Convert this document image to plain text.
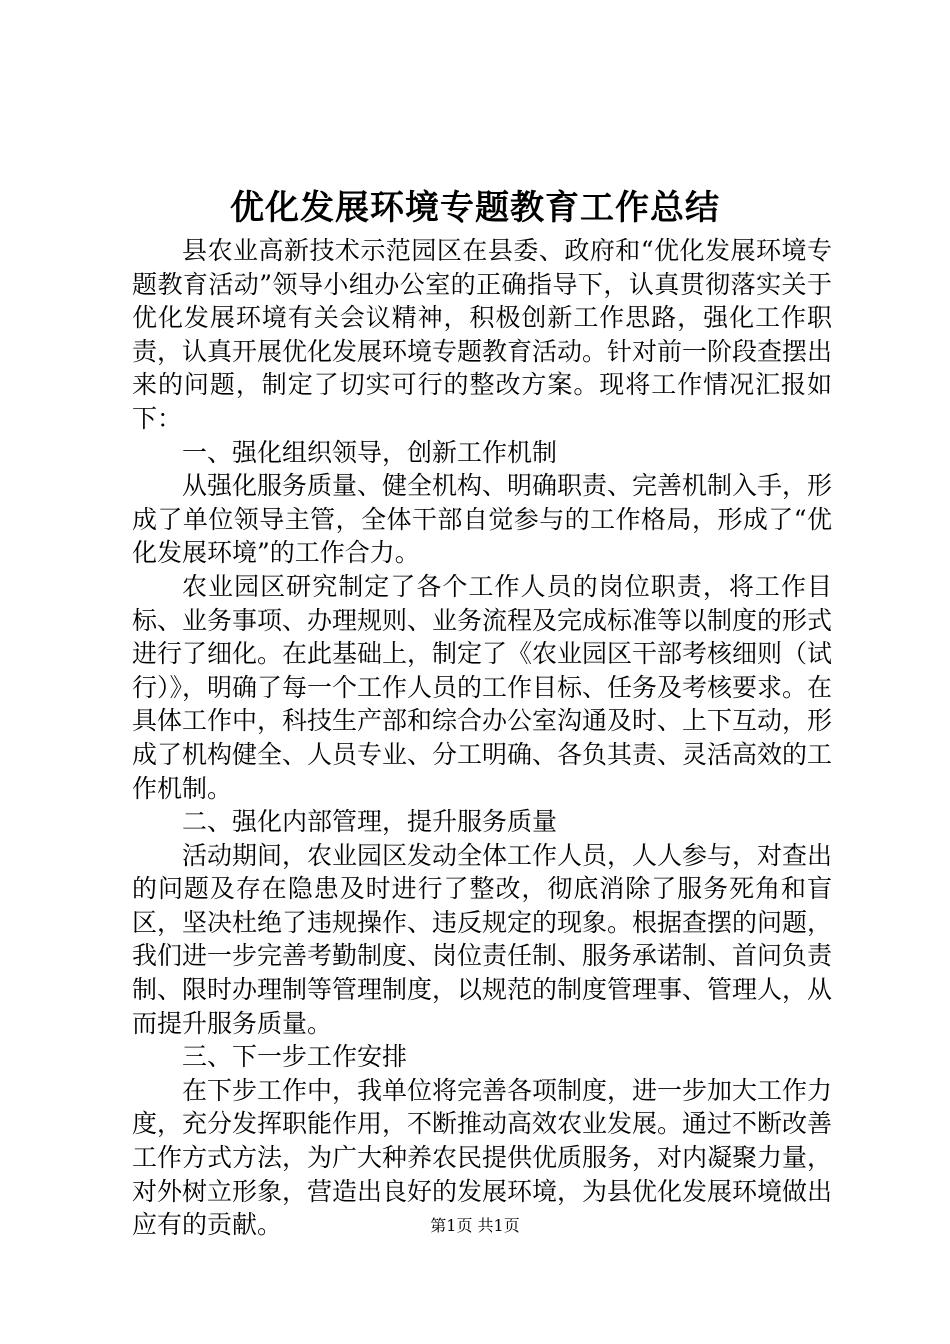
优化发展环境专题教育工作总结

县农业高新技术示范园区在县委、政府和“优化发展环境专题教育活动”领导小组办公室的正确指导下，认真贯彻落实关于优化发展环境有关会议精神，积极创新工作思路，强化工作职责，认真开展优化发展环境专题教育活动。针对前一阶段查摆出来的问题，制定了切实可行的整改方案。现将工作情况汇报如下：

一、强化组织领导，创新工作机制

从强化服务质量、健全机构、明确职责、完善机制入手，形成了单位领导主管，全体干部自觉参与的工作格局，形成了“优化发展环境”的工作合力。

农业园区研究制定了各个工作人员的岗位职责，将工作目标、业务事项、办理规则、业务流程及完成标准等以制度的形式进行了细化。在此基础上，制定了《农业园区干部考核细则（试行）》，明确了每一个工作人员的工作目标、任务及考核要求。在具体工作中，科技生产部和综合办公室沟通及时、上下互动，形成了机构健全、人员专业、分工明确、各负其责、灵活高效的工作机制。

二、强化内部管理，提升服务质量

活动期间，农业园区发动全体工作人员，人人参与，对查出的问题及存在隐患及时进行了整改，彻底消除了服务死角和盲区，坚决杜绝了违规操作、违反规定的现象。根据查摆的问题，我们进一步完善考勤制度、岗位责任制、服务承诺制、首问负责制、限时办理制等管理制度，以规范的制度管理事、管理人，从而提升服务质量。

三、下一步工作安排

在下步工作中，我单位将完善各项制度，进一步加大工作力度，充分发挥职能作用，不断推动高效农业发展。通过不断改善工作方式方法，为广大种养农民提供优质服务，对内凝聚力量，对外树立形象，营造出良好的发展环境，为县优化发展环境做出应有的贡献。	第1页 共1页
